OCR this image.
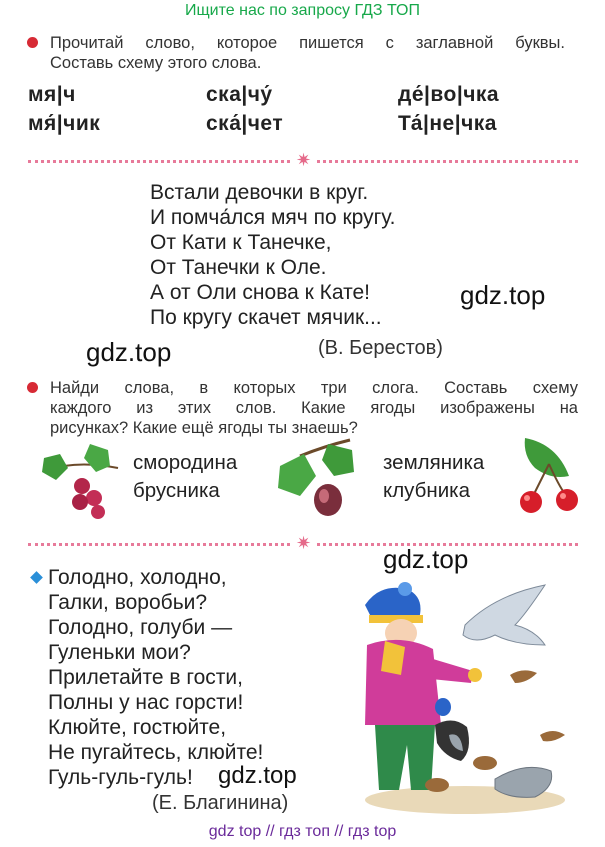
Ищите нас по запросу ГДЗ ТОП
Прочитай слово, которое пишется с заглавной буквы.
Составь схему этого слова.
мя|ч	ска|чу́	де́|во|чка
мя́|чик	ска́|чет	Та́|не|чка
✷
Встали девочки в круг.
И помча́лся мяч по кругу.
От Кати к Танечке,
От Танечки к Оле.
А от Оли снова к Кате!
По кругу скачет мячик...
(В. Берестов)
gdz.top
gdz.top
Найди слова, в которых три слога. Составь схему
каждого из этих слов. Какие ягоды изображены на
рисунках? Какие ещё ягоды ты знаешь?
смородина
брусника
земляника
клубника
✷
gdz.top
Голодно, холодно,
Галки, воробьи?
Голодно, голуби —
Гуленьки мои?
Прилетайте в гости,
Полны у нас горсти!
Клюйте, гостюйте,
Не пугайтесь, клюйте!
Гуль-гуль-гуль!	gdz.top
(Е. Благинина)
gdz top // гдз топ // гдз top
